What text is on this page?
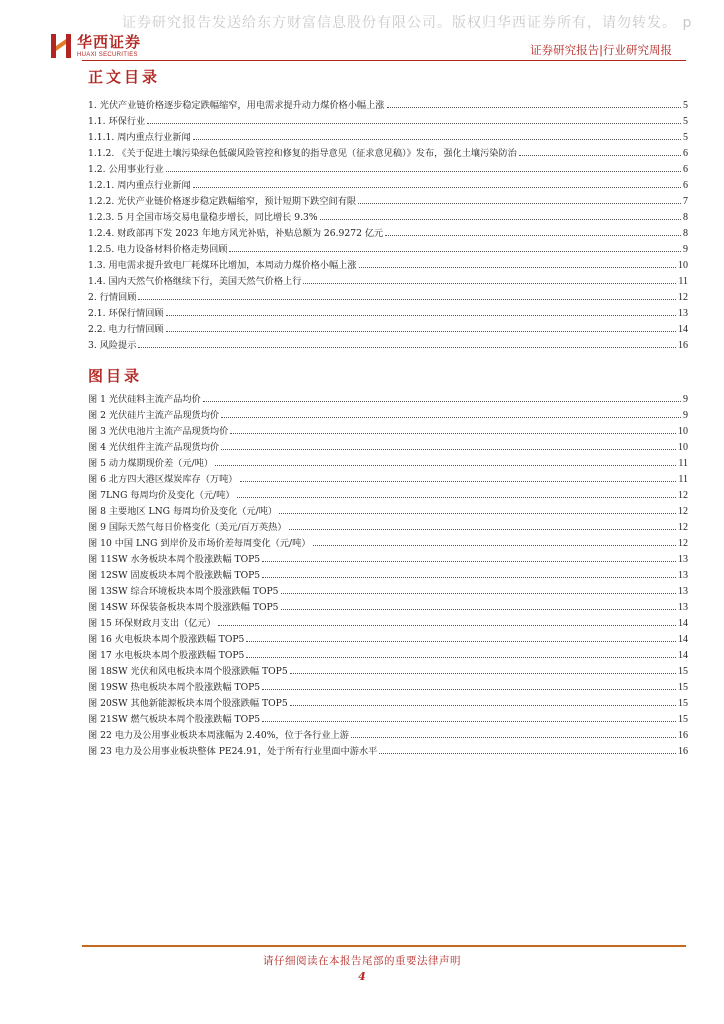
证券研究报告发送给东方财富信息股份有限公司。版权归华西证券所有，请勿转发。 p
华西证券
HUAXI SECURITIES	证券研究报告|行业研究周报
正文目录
1. 光伏产业链价格逐步稳定跌幅缩窄，用电需求提升动力煤价格小幅上涨	5
1.1. 环保行业	5
1.1.1. 周内重点行业新闻	5
1.1.2. 《关于促进土壤污染绿色低碳风险管控和修复的指导意见（征求意见稿）》发布，强化土壤污染防治	6
1.2. 公用事业行业	6
1.2.1. 周内重点行业新闻	6
1.2.2. 光伏产业链价格逐步稳定跌幅缩窄，预计短期下跌空间有限	7
1.2.3. 5 月全国市场交易电量稳步增长，同比增长 9.3%	8
1.2.4. 财政部再下发 2023 年地方风光补贴，补贴总额为 26.9272 亿元	8
1.2.5. 电力设备材料价格走势回顾	9
1.3. 用电需求提升致电厂耗煤环比增加，本周动力煤价格小幅上涨	10
1.4. 国内天然气价格继续下行，美国天然气价格上行	11
2. 行情回顾	12
2.1. 环保行情回顾	13
2.2. 电力行情回顾	14
3. 风险提示	16
图目录
图 1 光伏硅料主流产品均价	9
图 2 光伏硅片主流产品现货均价	9
图 3 光伏电池片主流产品现货均价	10
图 4 光伏组件主流产品现货均价	10
图 5 动力煤期现价差（元/吨）	11
图 6 北方四大港区煤炭库存（万吨）	11
图 7LNG 每周均价及变化（元/吨）	12
图 8 主要地区 LNG 每周均价及变化（元/吨）	12
图 9 国际天然气每日价格变化（美元/百万英热）	12
图 10 中国 LNG 到岸价及市场价差每周变化（元/吨）	12
图 11SW 水务板块本周个股涨跌幅 TOP5	13
图 12SW 固废板块本周个股涨跌幅 TOP5	13
图 13SW 综合环境板块本周个股涨跌幅 TOP5	13
图 14SW 环保装备板块本周个股涨跌幅 TOP5	13
图 15 环保财政月支出（亿元）	14
图 16 火电板块本周个股涨跌幅 TOP5	14
图 17 水电板块本周个股涨跌幅 TOP5	14
图 18SW 光伏和风电板块本周个股涨跌幅 TOP5	15
图 19SW 热电板块本周个股涨跌幅 TOP5	15
图 20SW 其他新能源板块本周个股涨跌幅 TOP5	15
图 21SW 燃气板块本周个股涨跌幅 TOP5	15
图 22 电力及公用事业板块本周涨幅为 2.40%，位于各行业上游	16
图 23 电力及公用事业板块整体 PE24.91，处于所有行业里面中游水平	16
请仔细阅读在本报告尾部的重要法律声明
4
